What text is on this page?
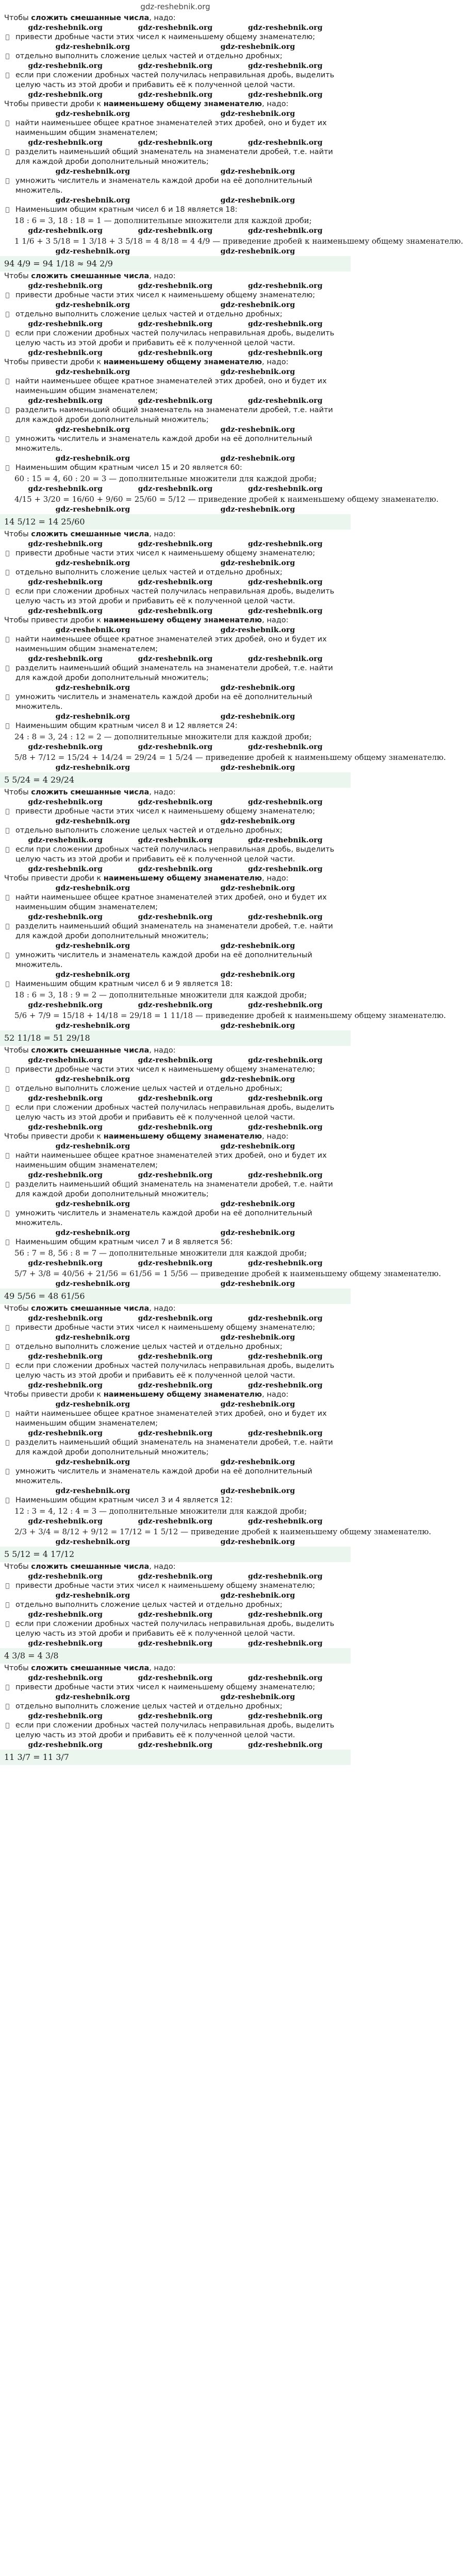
gdz-reshebnik.org
Чтобы сложить смешанные числа, надо:
gdz-reshebnik.org	gdz-reshebnik.org	gdz-reshebnik.org
привести дробные части этих чисел к наименьшему общему знаменателю;
gdz-reshebnik.org	gdz-reshebnik.org
отдельно выполнить сложение целых частей и отдельно дробных;
gdz-reshebnik.org	gdz-reshebnik.org	gdz-reshebnik.org
если при сложении дробных частей получилась неправильная дробь, выделить целую часть из этой дроби и прибавить её к полученной целой части.
gdz-reshebnik.org	gdz-reshebnik.org	gdz-reshebnik.org
Чтобы привести дроби к наименьшему общему знаменателю, надо:
gdz-reshebnik.org	gdz-reshebnik.org
найти наименьшее общее кратное знаменателей этих дробей, оно и будет их наименьшим общим знаменателем;
gdz-reshebnik.org	gdz-reshebnik.org	gdz-reshebnik.org
разделить наименьший общий знаменатель на знаменатели дробей, т.е. найти для каждой дроби дополнительный множитель;
gdz-reshebnik.org	gdz-reshebnik.org
умножить числитель и знаменатель каждой дроби на её дополнительный множитель.
gdz-reshebnik.org	gdz-reshebnik.org
Наименьшим общим кратным чисел 6 и 18 является 18:
18 : 6 = 3, 18 : 18 = 1 — дополнительные множители для каждой дроби;
gdz-reshebnik.org	gdz-reshebnik.org	gdz-reshebnik.org
1 1/6 + 3 5/18 = 1 3/18 + 3 5/18 = 4 8/18 = 4 4/9 — приведение дробей к наименьшему общему знаменателю.
gdz-reshebnik.org	gdz-reshebnik.org
94 4/9 = 94 1/18 ≈ 94 2/9
Чтобы сложить смешанные числа, надо:
gdz-reshebnik.org	gdz-reshebnik.org	gdz-reshebnik.org
привести дробные части этих чисел к наименьшему общему знаменателю;
gdz-reshebnik.org	gdz-reshebnik.org
отдельно выполнить сложение целых частей и отдельно дробных;
gdz-reshebnik.org	gdz-reshebnik.org	gdz-reshebnik.org
если при сложении дробных частей получилась неправильная дробь, выделить целую часть из этой дроби и прибавить её к полученной целой части.
gdz-reshebnik.org	gdz-reshebnik.org	gdz-reshebnik.org
Чтобы привести дроби к наименьшему общему знаменателю, надо:
gdz-reshebnik.org	gdz-reshebnik.org
найти наименьшее общее кратное знаменателей этих дробей, оно и будет их наименьшим общим знаменателем;
gdz-reshebnik.org	gdz-reshebnik.org	gdz-reshebnik.org
разделить наименьший общий знаменатель на знаменатели дробей, т.е. найти для каждой дроби дополнительный множитель;
gdz-reshebnik.org	gdz-reshebnik.org
умножить числитель и знаменатель каждой дроби на её дополнительный множитель.
gdz-reshebnik.org	gdz-reshebnik.org
Наименьшим общим кратным чисел 15 и 20 является 60:
60 : 15 = 4, 60 : 20 = 3 — дополнительные множители для каждой дроби;
gdz-reshebnik.org	gdz-reshebnik.org	gdz-reshebnik.org
4/15 + 3/20 = 16/60 + 9/60 = 25/60 = 5/12 — приведение дробей к наименьшему общему знаменателю.
gdz-reshebnik.org	gdz-reshebnik.org
14 5/12 = 14 25/60
Чтобы сложить смешанные числа, надо:
gdz-reshebnik.org	gdz-reshebnik.org	gdz-reshebnik.org
привести дробные части этих чисел к наименьшему общему знаменателю;
gdz-reshebnik.org	gdz-reshebnik.org
отдельно выполнить сложение целых частей и отдельно дробных;
gdz-reshebnik.org	gdz-reshebnik.org	gdz-reshebnik.org
если при сложении дробных частей получилась неправильная дробь, выделить целую часть из этой дроби и прибавить её к полученной целой части.
gdz-reshebnik.org	gdz-reshebnik.org	gdz-reshebnik.org
Чтобы привести дроби к наименьшему общему знаменателю, надо:
gdz-reshebnik.org	gdz-reshebnik.org
найти наименьшее общее кратное знаменателей этих дробей, оно и будет их наименьшим общим знаменателем;
gdz-reshebnik.org	gdz-reshebnik.org	gdz-reshebnik.org
разделить наименьший общий знаменатель на знаменатели дробей, т.е. найти для каждой дроби дополнительный множитель;
gdz-reshebnik.org	gdz-reshebnik.org
умножить числитель и знаменатель каждой дроби на её дополнительный множитель.
gdz-reshebnik.org	gdz-reshebnik.org
Наименьшим общим кратным чисел 8 и 12 является 24:
24 : 8 = 3, 24 : 12 = 2 — дополнительные множители для каждой дроби;
gdz-reshebnik.org	gdz-reshebnik.org	gdz-reshebnik.org
5/8 + 7/12 = 15/24 + 14/24 = 29/24 = 1 5/24 — приведение дробей к наименьшему общему знаменателю.
gdz-reshebnik.org	gdz-reshebnik.org
5 5/24 = 4 29/24
Чтобы сложить смешанные числа, надо:
gdz-reshebnik.org	gdz-reshebnik.org	gdz-reshebnik.org
привести дробные части этих чисел к наименьшему общему знаменателю;
gdz-reshebnik.org	gdz-reshebnik.org
отдельно выполнить сложение целых частей и отдельно дробных;
gdz-reshebnik.org	gdz-reshebnik.org	gdz-reshebnik.org
если при сложении дробных частей получилась неправильная дробь, выделить целую часть из этой дроби и прибавить её к полученной целой части.
gdz-reshebnik.org	gdz-reshebnik.org	gdz-reshebnik.org
Чтобы привести дроби к наименьшему общему знаменателю, надо:
gdz-reshebnik.org	gdz-reshebnik.org
найти наименьшее общее кратное знаменателей этих дробей, оно и будет их наименьшим общим знаменателем;
gdz-reshebnik.org	gdz-reshebnik.org	gdz-reshebnik.org
разделить наименьший общий знаменатель на знаменатели дробей, т.е. найти для каждой дроби дополнительный множитель;
gdz-reshebnik.org	gdz-reshebnik.org
умножить числитель и знаменатель каждой дроби на её дополнительный множитель.
gdz-reshebnik.org	gdz-reshebnik.org
Наименьшим общим кратным чисел 6 и 9 является 18:
18 : 6 = 3, 18 : 9 = 2 — дополнительные множители для каждой дроби;
gdz-reshebnik.org	gdz-reshebnik.org	gdz-reshebnik.org
5/6 + 7/9 = 15/18 + 14/18 = 29/18 = 1 11/18 — приведение дробей к наименьшему общему знаменателю.
gdz-reshebnik.org	gdz-reshebnik.org
52 11/18 = 51 29/18
Чтобы сложить смешанные числа, надо:
gdz-reshebnik.org	gdz-reshebnik.org	gdz-reshebnik.org
привести дробные части этих чисел к наименьшему общему знаменателю;
gdz-reshebnik.org	gdz-reshebnik.org
отдельно выполнить сложение целых частей и отдельно дробных;
gdz-reshebnik.org	gdz-reshebnik.org	gdz-reshebnik.org
если при сложении дробных частей получилась неправильная дробь, выделить целую часть из этой дроби и прибавить её к полученной целой части.
gdz-reshebnik.org	gdz-reshebnik.org	gdz-reshebnik.org
Чтобы привести дроби к наименьшему общему знаменателю, надо:
gdz-reshebnik.org	gdz-reshebnik.org
найти наименьшее общее кратное знаменателей этих дробей, оно и будет их наименьшим общим знаменателем;
gdz-reshebnik.org	gdz-reshebnik.org	gdz-reshebnik.org
разделить наименьший общий знаменатель на знаменатели дробей, т.е. найти для каждой дроби дополнительный множитель;
gdz-reshebnik.org	gdz-reshebnik.org
умножить числитель и знаменатель каждой дроби на её дополнительный множитель.
gdz-reshebnik.org	gdz-reshebnik.org
Наименьшим общим кратным чисел 7 и 8 является 56:
56 : 7 = 8, 56 : 8 = 7 — дополнительные множители для каждой дроби;
gdz-reshebnik.org	gdz-reshebnik.org	gdz-reshebnik.org
5/7 + 3/8 = 40/56 + 21/56 = 61/56 = 1 5/56 — приведение дробей к наименьшему общему знаменателю.
gdz-reshebnik.org	gdz-reshebnik.org
49 5/56 = 48 61/56
Чтобы сложить смешанные числа, надо:
gdz-reshebnik.org	gdz-reshebnik.org	gdz-reshebnik.org
привести дробные части этих чисел к наименьшему общему знаменателю;
gdz-reshebnik.org	gdz-reshebnik.org
отдельно выполнить сложение целых частей и отдельно дробных;
gdz-reshebnik.org	gdz-reshebnik.org	gdz-reshebnik.org
если при сложении дробных частей получилась неправильная дробь, выделить целую часть из этой дроби и прибавить её к полученной целой части.
gdz-reshebnik.org	gdz-reshebnik.org	gdz-reshebnik.org
Чтобы привести дроби к наименьшему общему знаменателю, надо:
gdz-reshebnik.org	gdz-reshebnik.org
найти наименьшее общее кратное знаменателей этих дробей, оно и будет их наименьшим общим знаменателем;
gdz-reshebnik.org	gdz-reshebnik.org	gdz-reshebnik.org
разделить наименьший общий знаменатель на знаменатели дробей, т.е. найти для каждой дроби дополнительный множитель;
gdz-reshebnik.org	gdz-reshebnik.org
умножить числитель и знаменатель каждой дроби на её дополнительный множитель.
gdz-reshebnik.org	gdz-reshebnik.org
Наименьшим общим кратным чисел 3 и 4 является 12:
12 : 3 = 4, 12 : 4 = 3 — дополнительные множители для каждой дроби;
gdz-reshebnik.org	gdz-reshebnik.org	gdz-reshebnik.org
2/3 + 3/4 = 8/12 + 9/12 = 17/12 = 1 5/12 — приведение дробей к наименьшему общему знаменателю.
gdz-reshebnik.org	gdz-reshebnik.org
5 5/12 = 4 17/12
Чтобы сложить смешанные числа, надо:
gdz-reshebnik.org	gdz-reshebnik.org	gdz-reshebnik.org
привести дробные части этих чисел к наименьшему общему знаменателю;
gdz-reshebnik.org	gdz-reshebnik.org
отдельно выполнить сложение целых частей и отдельно дробных;
gdz-reshebnik.org	gdz-reshebnik.org	gdz-reshebnik.org
если при сложении дробных частей получилась неправильная дробь, выделить целую часть из этой дроби и прибавить её к полученной целой части.
gdz-reshebnik.org	gdz-reshebnik.org	gdz-reshebnik.org
4 3/8 = 4 3/8
Чтобы сложить смешанные числа, надо:
gdz-reshebnik.org	gdz-reshebnik.org	gdz-reshebnik.org
привести дробные части этих чисел к наименьшему общему знаменателю;
gdz-reshebnik.org	gdz-reshebnik.org
отдельно выполнить сложение целых частей и отдельно дробных;
gdz-reshebnik.org	gdz-reshebnik.org	gdz-reshebnik.org
если при сложении дробных частей получилась неправильная дробь, выделить целую часть из этой дроби и прибавить её к полученной целой части.
gdz-reshebnik.org	gdz-reshebnik.org	gdz-reshebnik.org
11 3/7 = 11 3/7
